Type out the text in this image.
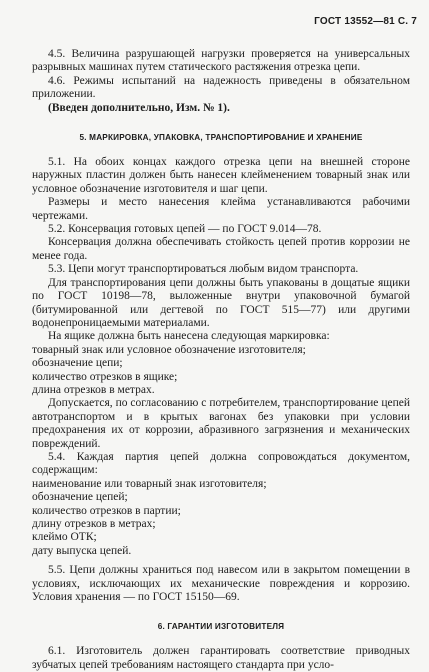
ГОСТ 13552—81 С. 7

4.5. Величина разрушающей нагрузки проверяется на универсальных разрывных машинах путем статического растяжения отрезка цепи.

4.6. Режимы испытаний на надежность приведены в обязательном приложении.

(Введен дополнительно, Изм. № 1).

5. МАРКИРОВКА, УПАКОВКА, ТРАНСПОРТИРОВАНИЕ И ХРАНЕНИЕ

5.1. На обоих концах каждого отрезка цепи на внешней стороне наружных пластин должен быть нанесен клейменением товарный знак или условное обозначение изготовителя и шаг цепи.

Размеры и место нанесения клейма устанавливаются рабочими чертежами.

5.2. Консервация готовых цепей — по ГОСТ 9.014—78.

Консервация должна обеспечивать стойкость цепей против коррозии не менее года.

5.3. Цепи могут транспортироваться любым видом транспорта.

Для транспортирования цепи должны быть упакованы в дощатые ящики по ГОСТ 10198—78, выложенные внутри упаковочной бумагой (битумированной или дегтевой по ГОСТ 515—77) или другими водонепроницаемыми материалами.

На ящике должна быть нанесена следующая маркировка:

товарный знак или условное обозначение изготовителя;

обозначение цепи;

количество отрезков в ящике;

длина отрезков в метрах.

Допускается, по согласованию с потребителем, транспортирование цепей автотранспортом и в крытых вагонах без упаковки при условии предохранения их от коррозии, абразивного загрязнения и механических повреждений.

5.4. Каждая партия цепей должна сопровождаться документом, содержащим:

наименование или товарный знак изготовителя;

обозначение цепей;

количество отрезков в партии;

длину отрезков в метрах;

клеймо ОТК;

дату выпуска цепей.

5.5. Цепи должны храниться под навесом или в закрытом помещении в условиях, исключающих их механические повреждения и коррозию. Условия хранения — по ГОСТ 15150—69.

6. ГАРАНТИИ ИЗГОТОВИТЕЛЯ

6.1. Изготовитель должен гарантировать соответствие приводных зубчатых цепей требованиям настоящего стандарта при усло-
